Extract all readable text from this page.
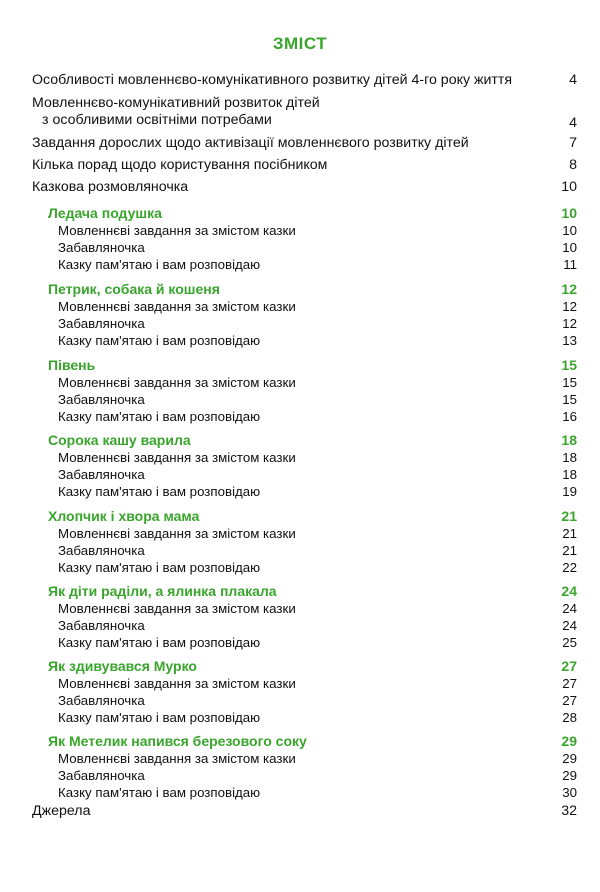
ЗМІСТ
Особливості мовленнєво-комунікативного розвитку дітей 4-го року життя	4
Мовленнєво-комунікативний розвиток дітей
з особливими освітніми потребами	4
Завдання дорослих щодо активізації мовленнєвого розвитку дітей	7
Кілька порад щодо користування посібником	8
Казкова розмовляночка	10
Ледача подушка	10
Мовленнєві завдання за змістом казки	10
Забавляночка	10
Казку пам'ятаю і вам розповідаю	11
Петрик, собака й кошеня	12
Мовленнєві завдання за змістом казки	12
Забавляночка	12
Казку пам'ятаю і вам розповідаю	13
Півень	15
Мовленнєві завдання за змістом казки	15
Забавляночка	15
Казку пам'ятаю і вам розповідаю	16
Сорока кашу варила	18
Мовленнєві завдання за змістом казки	18
Забавляночка	18
Казку пам'ятаю і вам розповідаю	19
Хлопчик і хвора мама	21
Мовленнєві завдання за змістом казки	21
Забавляночка	21
Казку пам'ятаю і вам розповідаю	22
Як діти раділи, а ялинка плакала	24
Мовленнєві завдання за змістом казки	24
Забавляночка	24
Казку пам'ятаю і вам розповідаю	25
Як здивувався Мурко	27
Мовленнєві завдання за змістом казки	27
Забавляночка	27
Казку пам'ятаю і вам розповідаю	28
Як Метелик напився березового соку	29
Мовленнєві завдання за змістом казки	29
Забавляночка	29
Казку пам'ятаю і вам розповідаю	30
Джерела	32
